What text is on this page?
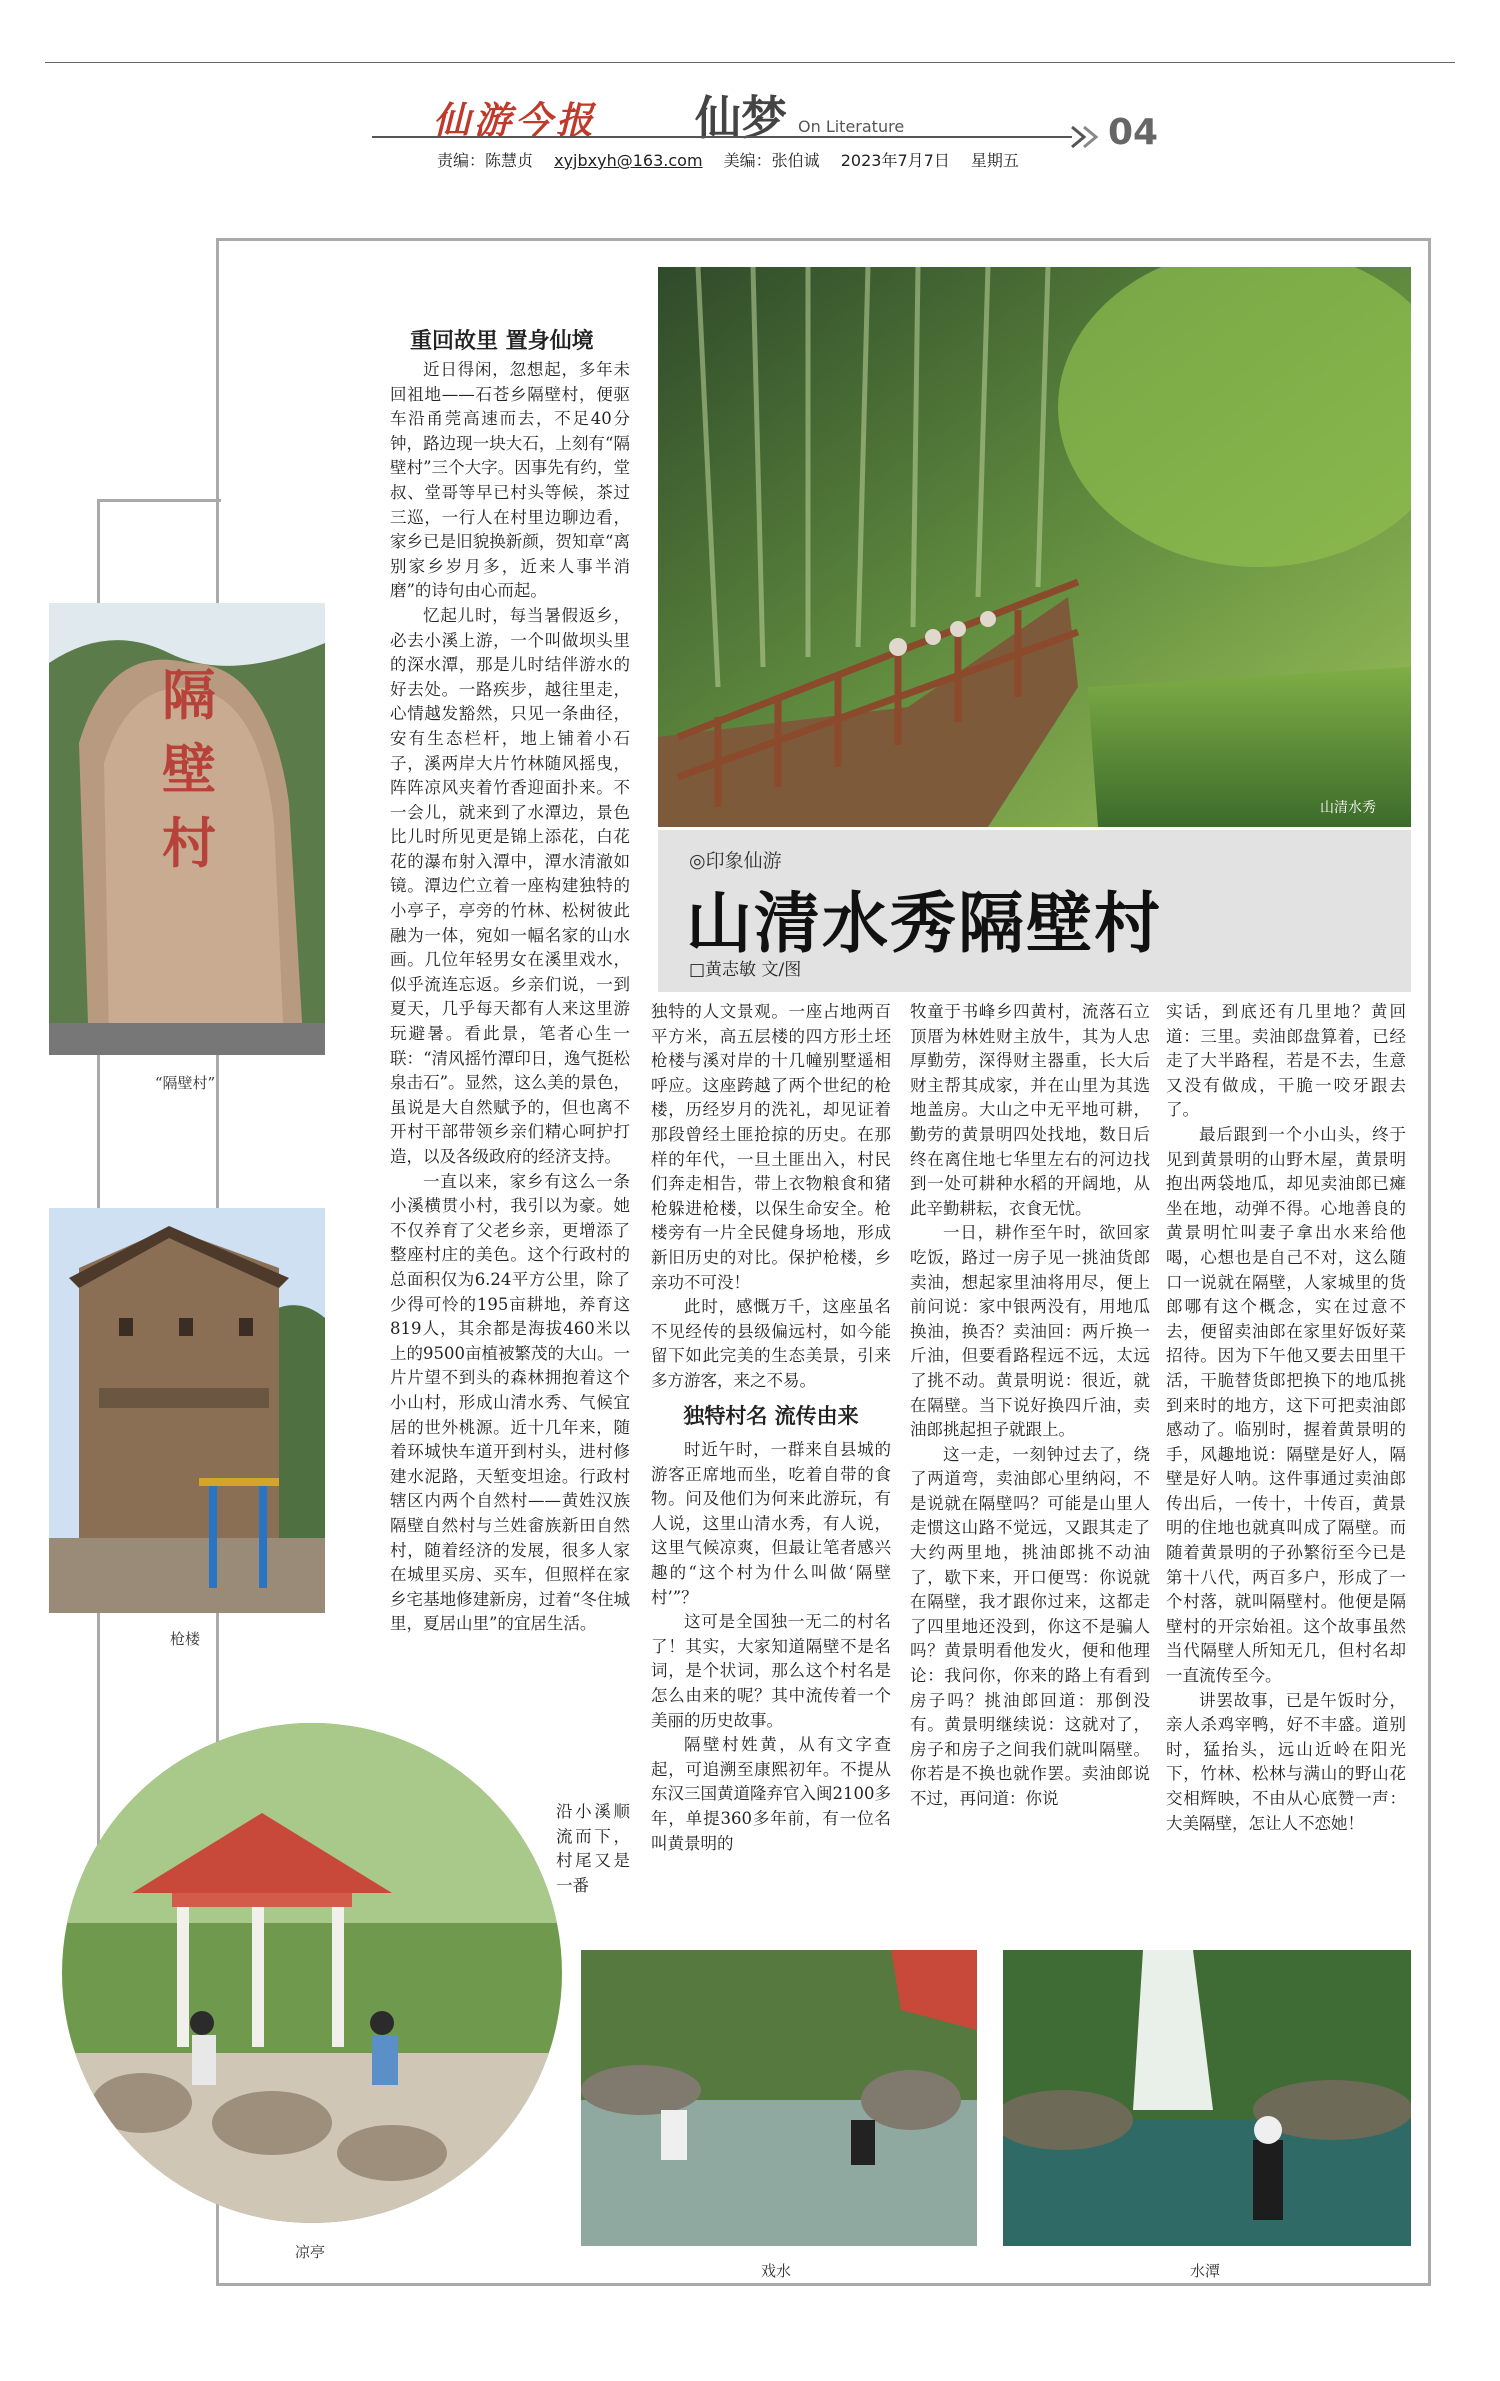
仙游今报 仙梦 On Literature	04
责编：陈慧贞 xyjbxyh@163.com 美编：张伯诚 2023年7月7日 星期五
山清水秀
◎印象仙游
山清水秀隔壁村
□黄志敏 文/图
重回故里 置身仙境

近日得闲，忽想起，多年未回祖地——石苍乡隔壁村，便驱车沿甬莞高速而去，不足40分钟，路边现一块大石，上刻有“隔壁村”三个大字。因事先有约，堂叔、堂哥等早已村头等候，茶过三巡，一行人在村里边聊边看，家乡已是旧貌换新颜，贺知章“离别家乡岁月多，近来人事半消磨”的诗句由心而起。

忆起儿时，每当暑假返乡，必去小溪上游，一个叫做坝头里的深水潭，那是儿时结伴游水的好去处。一路疾步，越往里走，心情越发豁然，只见一条曲径，安有生态栏杆，地上铺着小石子，溪两岸大片竹林随风摇曳，阵阵凉风夹着竹香迎面扑来。不一会儿，就来到了水潭边，景色比儿时所见更是锦上添花，白花花的瀑布射入潭中，潭水清澈如镜。潭边伫立着一座构建独特的小亭子，亭旁的竹林、松树彼此融为一体，宛如一幅名家的山水画。几位年轻男女在溪里戏水，似乎流连忘返。乡亲们说，一到夏天，几乎每天都有人来这里游玩避暑。看此景，笔者心生一联：“清风摇竹潭印日，逸气挺松泉击石”。显然，这么美的景色，虽说是大自然赋予的，但也离不开村干部带领乡亲们精心呵护打造，以及各级政府的经济支持。

一直以来，家乡有这么一条小溪横贯小村，我引以为豪。她不仅养育了父老乡亲，更增添了整座村庄的美色。这个行政村的总面积仅为6.24平方公里，除了少得可怜的195亩耕地，养育这819人，其余都是海拔460米以上的9500亩植被繁茂的大山。一片片望不到头的森林拥抱着这个小山村，形成山清水秀、气候宜居的世外桃源。近十几年来，随着环城快车道开到村头，进村修建水泥路，天堑变坦途。行政村辖区内两个自然村——黄姓汉族隔壁自然村与兰姓畲族新田自然村，随着经济的发展，很多人家在城里买房、买车，但照样在家乡宅基地修建新房，过着“冬住城里，夏居山里”的宜居生活。

沿小溪顺流而下，村尾又是一番

独特的人文景观。一座占地两百平方米，高五层楼的四方形土坯枪楼与溪对岸的十几幢别墅遥相呼应。这座跨越了两个世纪的枪楼，历经岁月的洗礼，却见证着那段曾经土匪抢掠的历史。在那样的年代，一旦土匪出入，村民们奔走相告，带上衣物粮食和猪枪躲进枪楼，以保生命安全。枪楼旁有一片全民健身场地，形成新旧历史的对比。保护枪楼，乡亲功不可没！

此时，感慨万千，这座虽名不见经传的县级偏远村，如今能留下如此完美的生态美景，引来多方游客，来之不易。

独特村名 流传由来

时近午时，一群来自县城的游客正席地而坐，吃着自带的食物。问及他们为何来此游玩，有人说，这里山清水秀，有人说，这里气候凉爽，但最让笔者感兴趣的“这个村为什么叫做‘隔壁村’”？

这可是全国独一无二的村名了！其实，大家知道隔壁不是名词，是个状词，那么这个村名是怎么由来的呢？其中流传着一个美丽的历史故事。

隔壁村姓黄，从有文字查起，可追溯至康熙初年。不提从东汉三国黄道隆弃官入闽2100多年，单提360多年前，有一位名叫黄景明的

牧童于书峰乡四黄村，流落石立顶厝为林姓财主放牛，其为人忠厚勤劳，深得财主器重，长大后财主帮其成家，并在山里为其选地盖房。大山之中无平地可耕，勤劳的黄景明四处找地，数日后终在离住地七华里左右的河边找到一处可耕种水稻的开阔地，从此辛勤耕耘，衣食无忧。

一日，耕作至午时，欲回家吃饭，路过一房子见一挑油货郎卖油，想起家里油将用尽，便上前问说：家中银两没有，用地瓜换油，换否？卖油回：两斤换一斤油，但要看路程远不远，太远了挑不动。黄景明说：很近，就在隔壁。当下说好换四斤油，卖油郎挑起担子就跟上。

这一走，一刻钟过去了，绕了两道弯，卖油郎心里纳闷，不是说就在隔壁吗？可能是山里人走惯这山路不觉远，又跟其走了大约两里地，挑油郎挑不动油了，歇下来，开口便骂：你说就在隔壁，我才跟你过来，这都走了四里地还没到，你这不是骗人吗？黄景明看他发火，便和他理论：我问你，你来的路上有看到房子吗？挑油郎回道：那倒没有。黄景明继续说：这就对了，房子和房子之间我们就叫隔壁。你若是不换也就作罢。卖油郎说不过，再问道：你说

实话，到底还有几里地？黄回道：三里。卖油郎盘算着，已经走了大半路程，若是不去，生意又没有做成，干脆一咬牙跟去了。

最后跟到一个小山头，终于见到黄景明的山野木屋，黄景明抱出两袋地瓜，却见卖油郎已瘫坐在地，动弹不得。心地善良的黄景明忙叫妻子拿出水来给他喝，心想也是自己不对，这么随口一说就在隔壁，人家城里的货郎哪有这个概念，实在过意不去，便留卖油郎在家里好饭好菜招待。因为下午他又要去田里干活，干脆替货郎把换下的地瓜挑到来时的地方，这下可把卖油郎感动了。临别时，握着黄景明的手，风趣地说：隔壁是好人，隔壁是好人呐。这件事通过卖油郎传出后，一传十，十传百，黄景明的住地也就真叫成了隔壁。而随着黄景明的子孙繁衍至今已是第十八代，两百多户，形成了一个村落，就叫隔壁村。他便是隔壁村的开宗始祖。这个故事虽然当代隔壁人所知无几，但村名却一直流传至今。

讲罢故事，已是午饭时分，亲人杀鸡宰鸭，好不丰盛。道别时，猛抬头，远山近岭在阳光下，竹林、松林与满山的野山花交相辉映，不由从心底赞一声：大美隔壁，怎让人不恋她！

隔壁村
“隔壁村”
枪楼
凉亭
戏水	水潭
